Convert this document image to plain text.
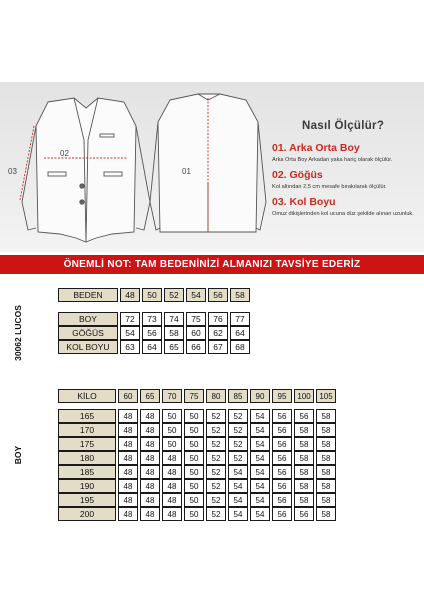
02
03	01
Nasıl Ölçülür?
01. Arka Orta Boy
Arka Orta Boy Arkadan yaka hariç olarak ölçülür.
02. Göğüs
Kol altından 2,5 cm mesafe bırakılarak ölçülür.
03. Kol Boyu
Omuz dikişlerinden kol ucuna düz şekilde alınan uzunluk.
ÖNEMLİ NOT: TAM BEDENİNİZİ ALMANIZI TAVSİYE EDERİZ
30062 LUCOS
BEDEN	48	50	52	54	56	58

BOY	72	73	74	75	76	77
GÖĞÜS	54	56	58	60	62	64
KOL BOYU	63	64	65	66	67	68
BOY
KİLO	60	65	70	75	80	85	90	95	100	105

165	48	48	50	50	52	52	54	56	56	58
170	48	48	50	50	52	52	54	56	58	58
175	48	48	50	50	52	52	54	56	58	58
180	48	48	48	50	52	52	54	56	58	58
185	48	48	48	50	52	54	54	56	58	58
190	48	48	48	50	52	54	54	56	58	58
195	48	48	48	50	52	54	54	56	58	58
200	48	48	48	50	52	54	54	56	56	58
